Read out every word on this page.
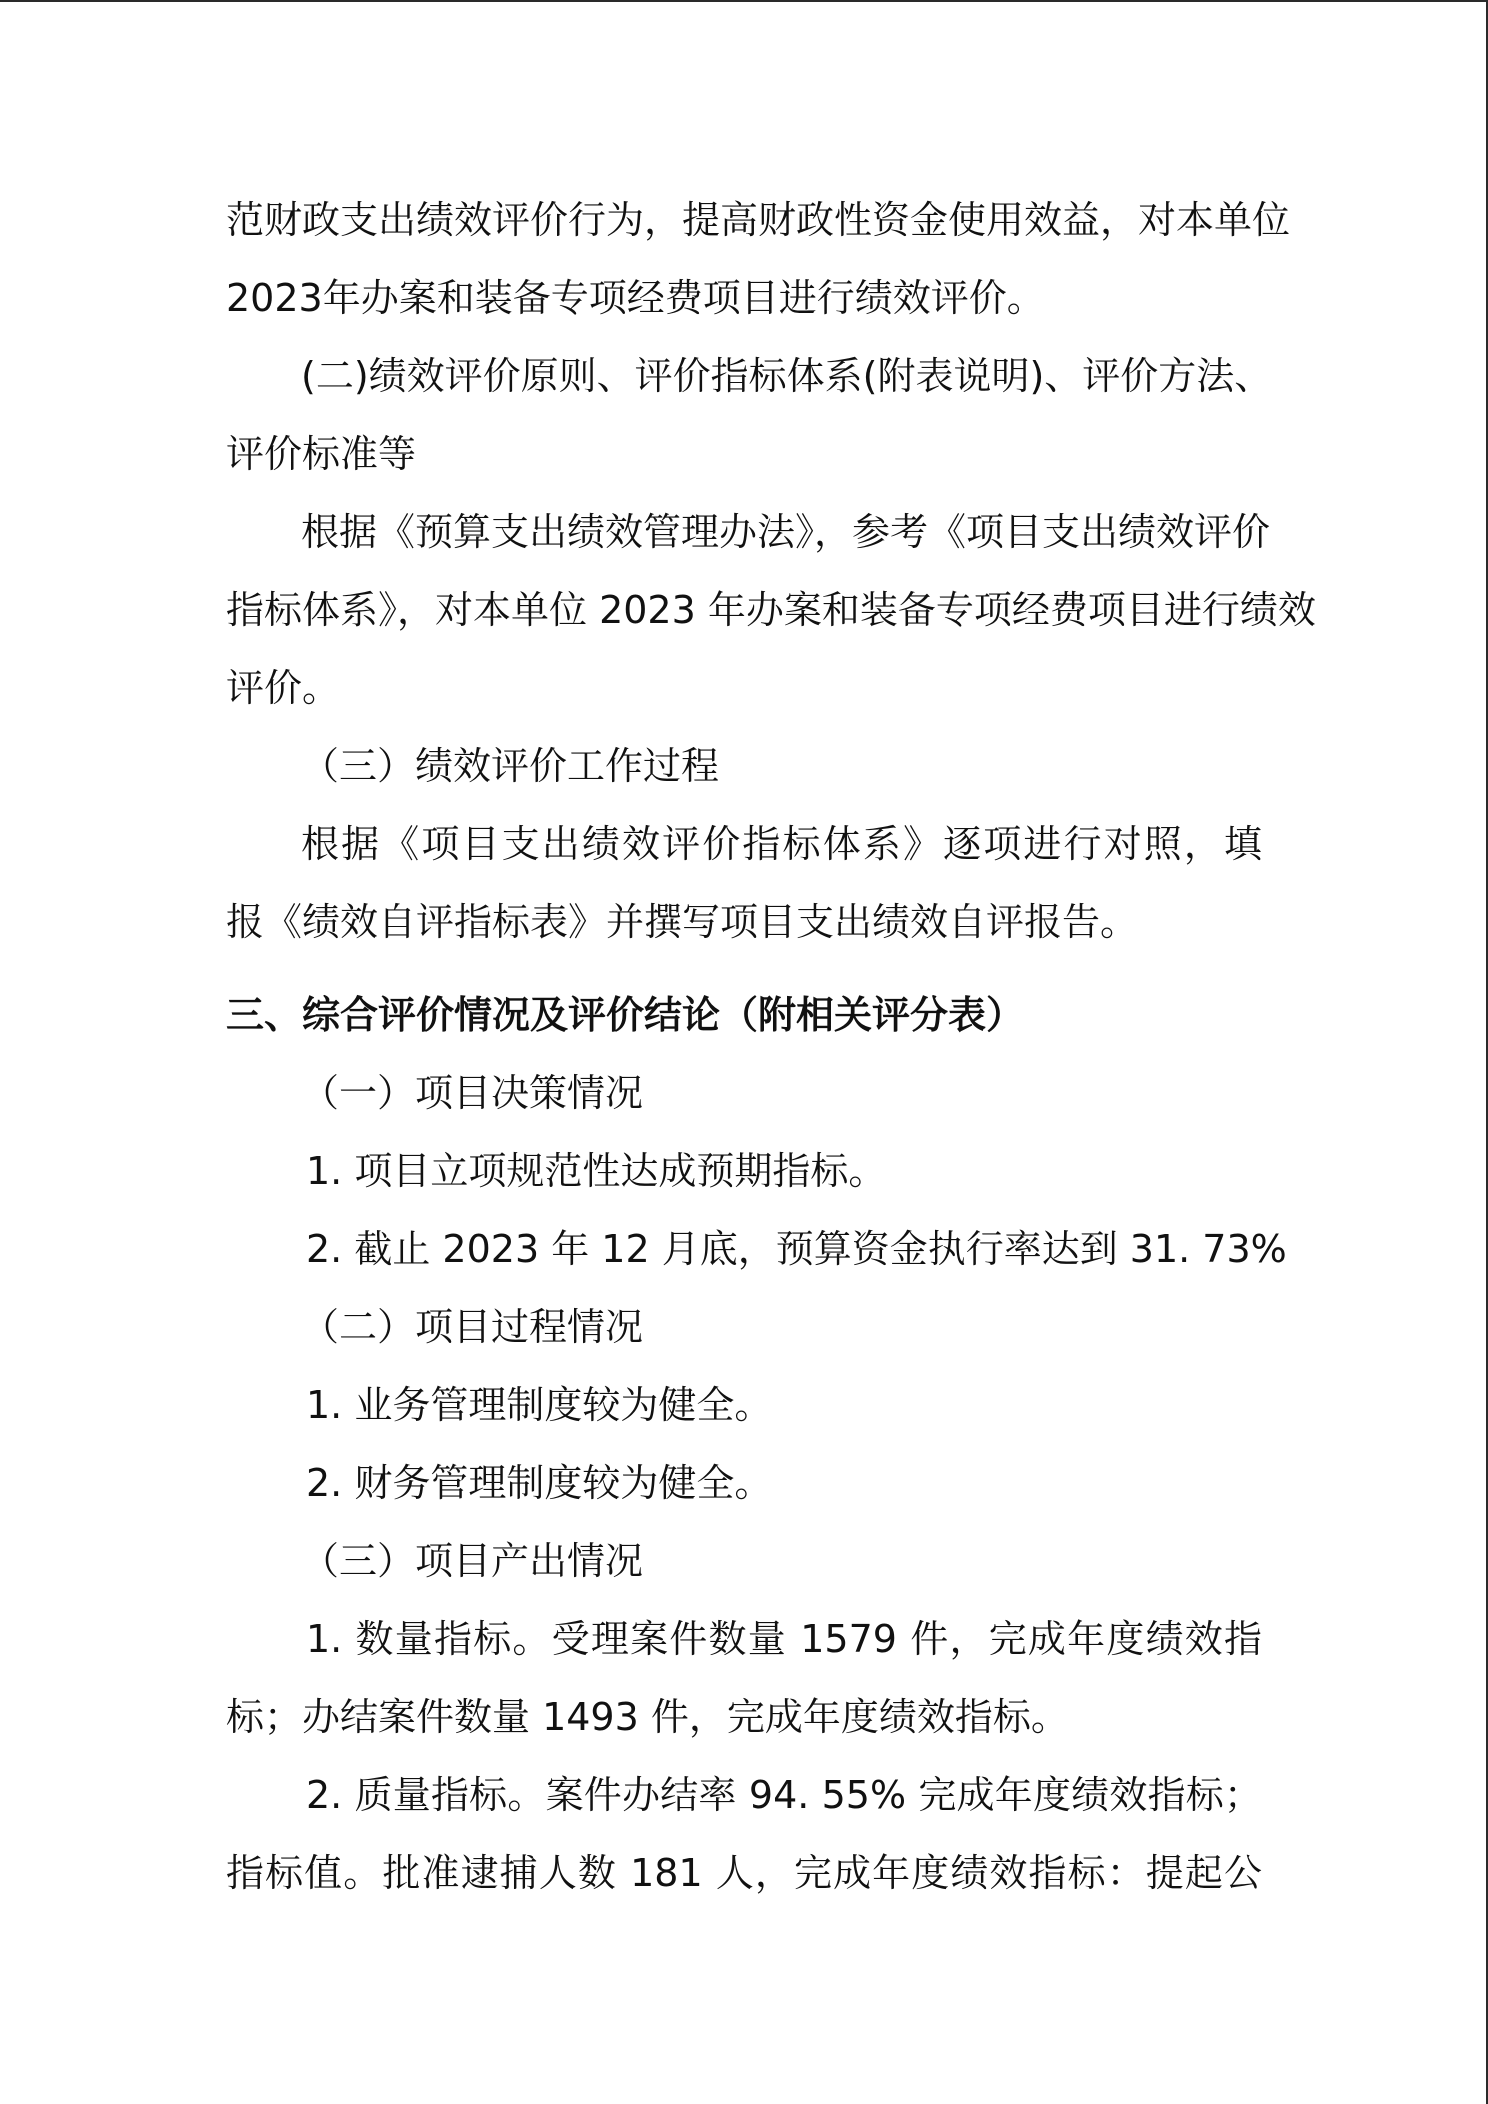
范财政支出绩效评价行为，提高财政性资金使用效益，对本单位
2023年办案和装备专项经费项目进行绩效评价。
(二)绩效评价原则、评价指标体系(附表说明)、评价方法、
评价标准等
根据《预算支出绩效管理办法》，参考《项目支出绩效评价
指标体系》，对本单位 2023 年办案和装备专项经费项目进行绩效
评价。
（三）绩效评价工作过程
根据《项目支出绩效评价指标体系》逐项进行对照，填
报《绩效自评指标表》并撰写项目支出绩效自评报告。
三、综合评价情况及评价结论（附相关评分表）
（一）项目决策情况
1. 项目立项规范性达成预期指标。
2. 截止 2023 年 12 月底，预算资金执行率达到 31. 73%
（二）项目过程情况
1. 业务管理制度较为健全。
2. 财务管理制度较为健全。
（三）项目产出情况
1. 数量指标。受理案件数量 1579 件，完成年度绩效指
标；办结案件数量 1493 件，完成年度绩效指标。
2. 质量指标。案件办结率 94. 55% 完成年度绩效指标；
指标值。批准逮捕人数 181 人，完成年度绩效指标：提起公
